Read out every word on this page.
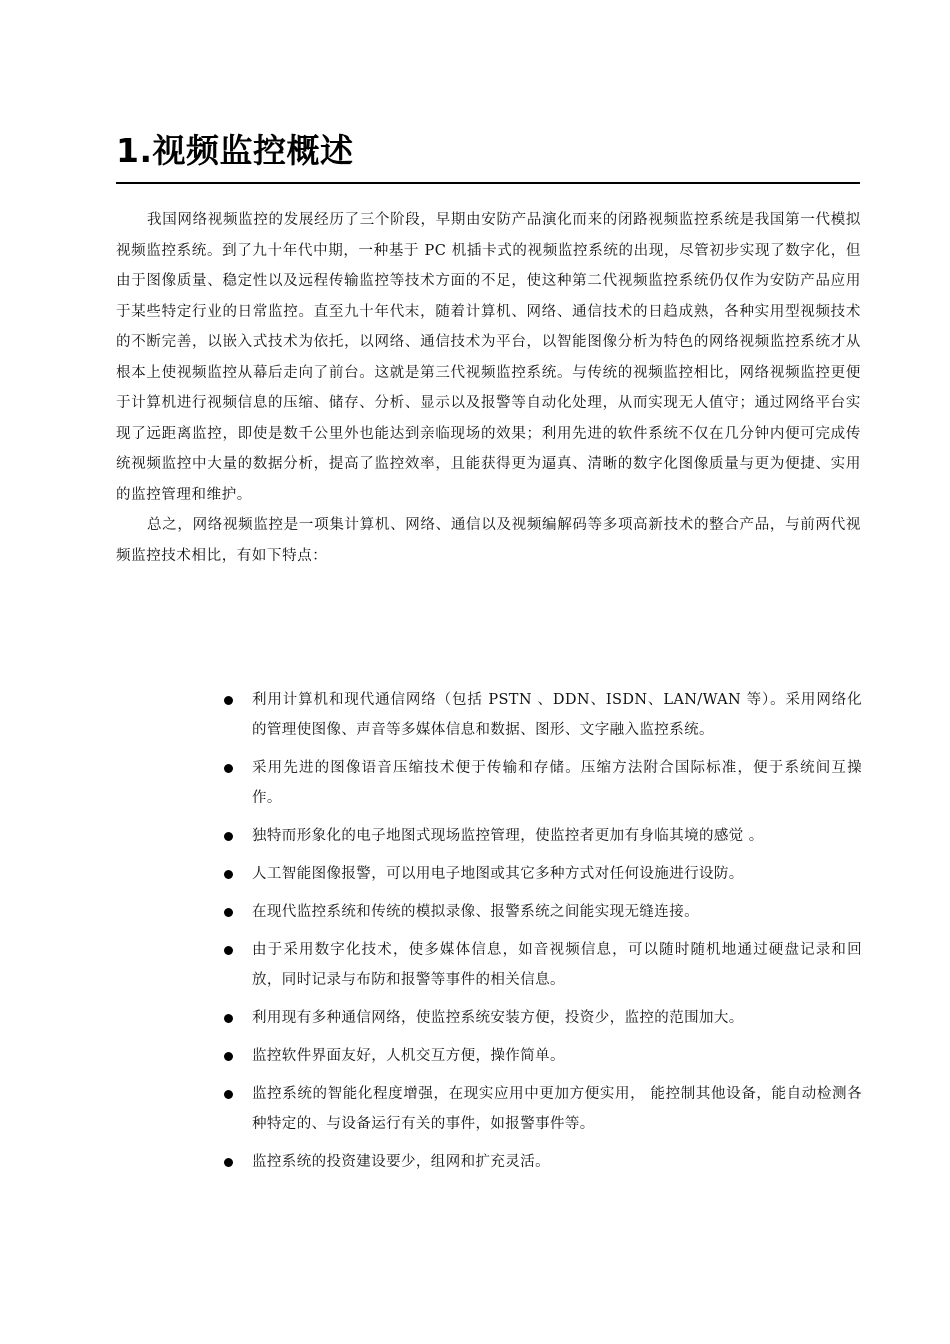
1.视频监控概述

我国网络视频监控的发展经历了三个阶段，早期由安防产品演化而来的闭路视频监控系统是我国第一代模拟视频监控系统。到了九十年代中期，一种基于 PC 机插卡式的视频监控系统的出现，尽管初步实现了数字化，但由于图像质量、稳定性以及远程传输监控等技术方面的不足，使这种第二代视频监控系统仍仅作为安防产品应用于某些特定行业的日常监控。直至九十年代末，随着计算机、网络、通信技术的日趋成熟，各种实用型视频技术的不断完善，以嵌入式技术为依托，以网络、通信技术为平台，以智能图像分析为特色的网络视频监控系统才从根本上使视频监控从幕后走向了前台。这就是第三代视频监控系统。与传统的视频监控相比，网络视频监控更便于计算机进行视频信息的压缩、储存、分析、显示以及报警等自动化处理，从而实现无人值守；通过网络平台实现了远距离监控，即使是数千公里外也能达到亲临现场的效果；利用先进的软件系统不仅在几分钟内便可完成传统视频监控中大量的数据分析，提高了监控效率，且能获得更为逼真、清晰的数字化图像质量与更为便捷、实用的监控管理和维护。

总之，网络视频监控是一项集计算机、网络、通信以及视频编解码等多项高新技术的整合产品，与前两代视频监控技术相比，有如下特点：

利用计算机和现代通信网络（包括 PSTN 、DDN、ISDN、LAN/WAN 等）。采用网络化的管理使图像、声音等多媒体信息和数据、图形、文字融入监控系统。
采用先进的图像语音压缩技术便于传输和存储。压缩方法附合国际标准，便于系统间互操作。
独特而形象化的电子地图式现场监控管理，使监控者更加有身临其境的感觉 。
人工智能图像报警，可以用电子地图或其它多种方式对任何设施进行设防。
在现代监控系统和传统的模拟录像、报警系统之间能实现无缝连接。
由于采用数字化技术，使多媒体信息，如音视频信息，可以随时随机地通过硬盘记录和回放，同时记录与布防和报警等事件的相关信息。
利用现有多种通信网络，使监控系统安装方便，投资少，监控的范围加大。
监控软件界面友好，人机交互方便，操作简单。
监控系统的智能化程度增强，在现实应用中更加方便实用， 能控制其他设备，能自动检测各种特定的、与设备运行有关的事件，如报警事件等。
监控系统的投资建设要少，组网和扩充灵活。
